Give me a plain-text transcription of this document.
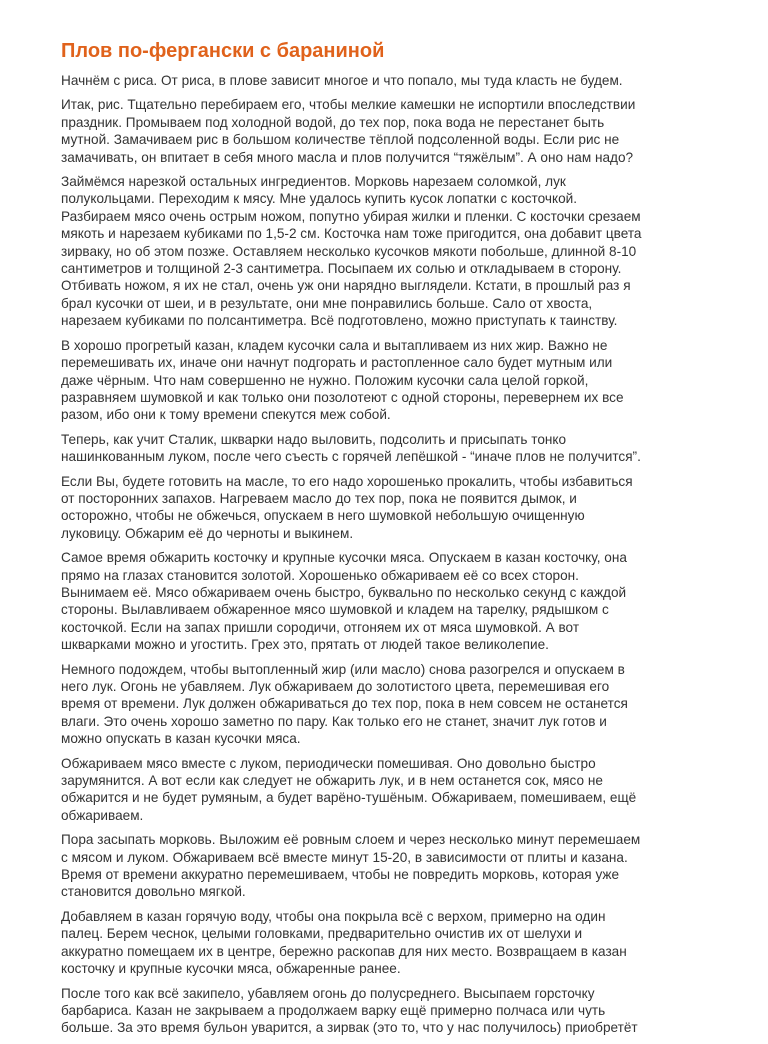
Плов по-фергански с бараниной

Начнём с риса. От риса, в плове зависит многое и что попало, мы туда класть не будем.

Итак, рис. Тщательно перебираем его, чтобы мелкие камешки не испортили впоследствии
праздник. Промываем под холодной водой, до тех пор, пока вода не перестанет быть
мутной. Замачиваем рис в большом количестве тёплой подсоленной воды. Если рис не
замачивать, он впитает в себя много масла и плов получится “тяжёлым”. А оно нам надо?

Займёмся нарезкой остальных ингредиентов. Морковь нарезаем соломкой, лук
полукольцами. Переходим к мясу. Мне удалось купить кусок лопатки с косточкой.
Разбираем мясо очень острым ножом, попутно убирая жилки и пленки. С косточки срезаем
мякоть и нарезаем кубиками по 1,5-2 см. Косточка нам тоже пригодится, она добавит цвета
зирваку, но об этом позже. Оставляем несколько кусочков мякоти побольше, длинной 8-10
сантиметров и толщиной 2-3 сантиметра. Посыпаем их солью и откладываем в сторону.
Отбивать ножом, я их не стал, очень уж они нарядно выглядели. Кстати, в прошлый раз я
брал кусочки от шеи, и в результате, они мне понравились больше. Сало от хвоста,
нарезаем кубиками по полсантиметра. Всё подготовлено, можно приступать к таинству.

В хорошо прогретый казан, кладем кусочки сала и вытапливаем из них жир. Важно не
перемешивать их, иначе они начнут подгорать и растопленное сало будет мутным или
даже чёрным. Что нам совершенно не нужно. Положим кусочки сала целой горкой,
разравняем шумовкой и как только они позолотеют с одной стороны, перевернем их все
разом, ибо они к тому времени спекутся меж собой.

Теперь, как учит Сталик, шкварки надо выловить, подсолить и присыпать тонко
нашинкованным луком, после чего съесть с горячей лепёшкой - “иначе плов не получится”.

Если Вы, будете готовить на масле, то его надо хорошенько прокалить, чтобы избавиться
от посторонних запахов. Нагреваем масло до тех пор, пока не появится дымок, и
осторожно, чтобы не обжечься, опускаем в него шумовкой небольшую очищенную
луковицу. Обжарим её до черноты и выкинем.

Самое время обжарить косточку и крупные кусочки мяса. Опускаем в казан косточку, она
прямо на глазах становится золотой. Хорошенько обжариваем её со всех сторон.
Вынимаем её. Мясо обжариваем очень быстро, буквально по несколько секунд с каждой
стороны. Вылавливаем обжаренное мясо шумовкой и кладем на тарелку, рядышком с
косточкой. Если на запах пришли сородичи, отгоняем их от мяса шумовкой. А вот
шкварками можно и угостить. Грех это, прятать от людей такое великолепие.

Немного подождем, чтобы вытопленный жир (или масло) снова разогрелся и опускаем в
него лук. Огонь не убавляем. Лук обжариваем до золотистого цвета, перемешивая его
время от времени. Лук должен обжариваться до тех пор, пока в нем совсем не останется
влаги. Это очень хорошо заметно по пару. Как только его не станет, значит лук готов и
можно опускать в казан кусочки мяса.

Обжариваем мясо вместе с луком, периодически помешивая. Оно довольно быстро
зарумянится. А вот если как следует не обжарить лук, и в нем останется сок, мясо не
обжарится и не будет румяным, а будет варёно-тушёным. Обжариваем, помешиваем, ещё
обжариваем.

Пора засыпать морковь. Выложим её ровным слоем и через несколько минут перемешаем
с мясом и луком. Обжариваем всё вместе минут 15-20, в зависимости от плиты и казана.
Время от времени аккуратно перемешиваем, чтобы не повредить морковь, которая уже
становится довольно мягкой.

Добавляем в казан горячую воду, чтобы она покрыла всё с верхом, примерно на один
палец. Берем чеснок, целыми головками, предварительно очистив их от шелухи и
аккуратно помещаем их в центре, бережно раскопав для них место. Возвращаем в казан
косточку и крупные кусочки мяса, обжаренные ранее.

После того как всё закипело, убавляем огонь до полусреднего. Высыпаем горсточку
барбариса. Казан не закрываем а продолжаем варку ещё примерно полчаса или чуть
больше. За это время бульон уварится, а зирвак (это то, что у нас получилось) приобретёт
